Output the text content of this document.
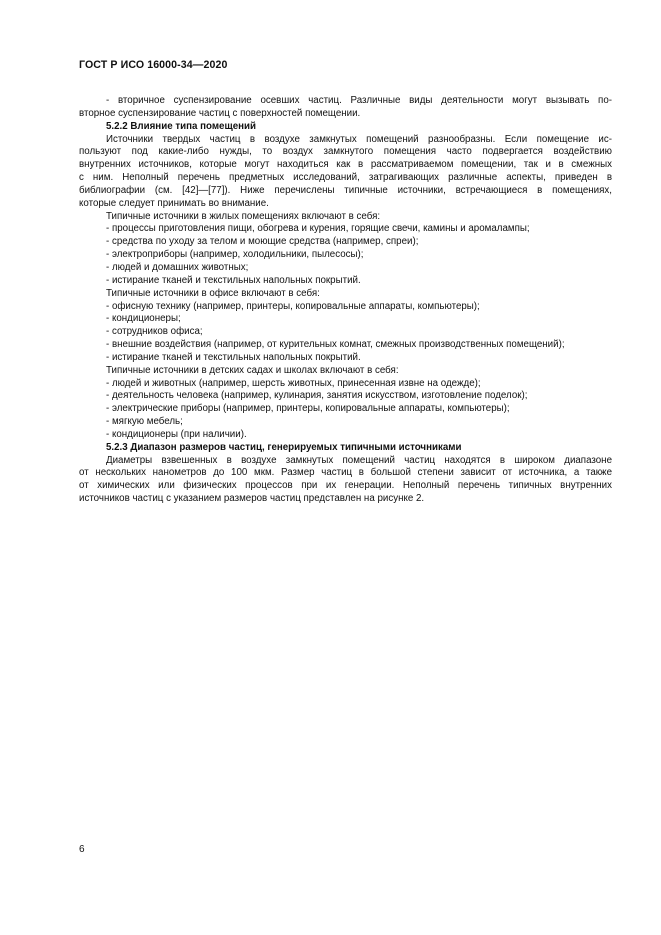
ГОСТ Р ИСО 16000-34—2020

- вторичное суспензирование осевших частиц. Различные виды деятельности могут вызывать по-

вторное суспензирование частиц с поверхностей помещении.

5.2.2 Влияние типа помещений

Источники твердых частиц в воздухе замкнутых помещений разнообразны. Если помещение ис-

пользуют под какие-либо нужды, то воздух замкнутого помещения часто подвергается воздействию

внутренних источников, которые могут находиться как в рассматриваемом помещении, так и в смежных

с ним. Неполный перечень предметных исследований, затрагивающих различные аспекты, приведен в

библиографии (см. [42]—[77]). Ниже перечислены типичные источники, встречающиеся в помещениях,

которые следует принимать во внимание.

Типичные источники в жилых помещениях включают в себя:

- процессы приготовления пищи, обогрева и курения, горящие свечи, камины и аромалампы;

- средства по уходу за телом и моющие средства (например, спреи);

- электроприборы (например, холодильники, пылесосы);

- людей и домашних животных;

- истирание тканей и текстильных напольных покрытий.

Типичные источники в офисе включают в себя:

- офисную технику (например, принтеры, копировальные аппараты, компьютеры);

- кондиционеры;

- сотрудников офиса;

- внешние воздействия (например, от курительных комнат, смежных производственных помещений);

- истирание тканей и текстильных напольных покрытий.

Типичные источники в детских садах и школах включают в себя:

- людей и животных (например, шерсть животных, принесенная извне на одежде);

- деятельность человека (например, кулинария, занятия искусством, изготовление поделок);

- электрические приборы (например, принтеры, копировальные аппараты, компьютеры);

- мягкую мебель;

- кондиционеры (при наличии).

5.2.3 Диапазон размеров частиц, генерируемых типичными источниками

Диаметры взвешенных в воздухе замкнутых помещений частиц находятся в широком диапазоне

от нескольких нанометров до 100 мкм. Размер частиц в большой степени зависит от источника, а также

от химических или физических процессов при их генерации. Неполный перечень типичных внутренних

источников частиц с указанием размеров частиц представлен на рисунке 2.

6
